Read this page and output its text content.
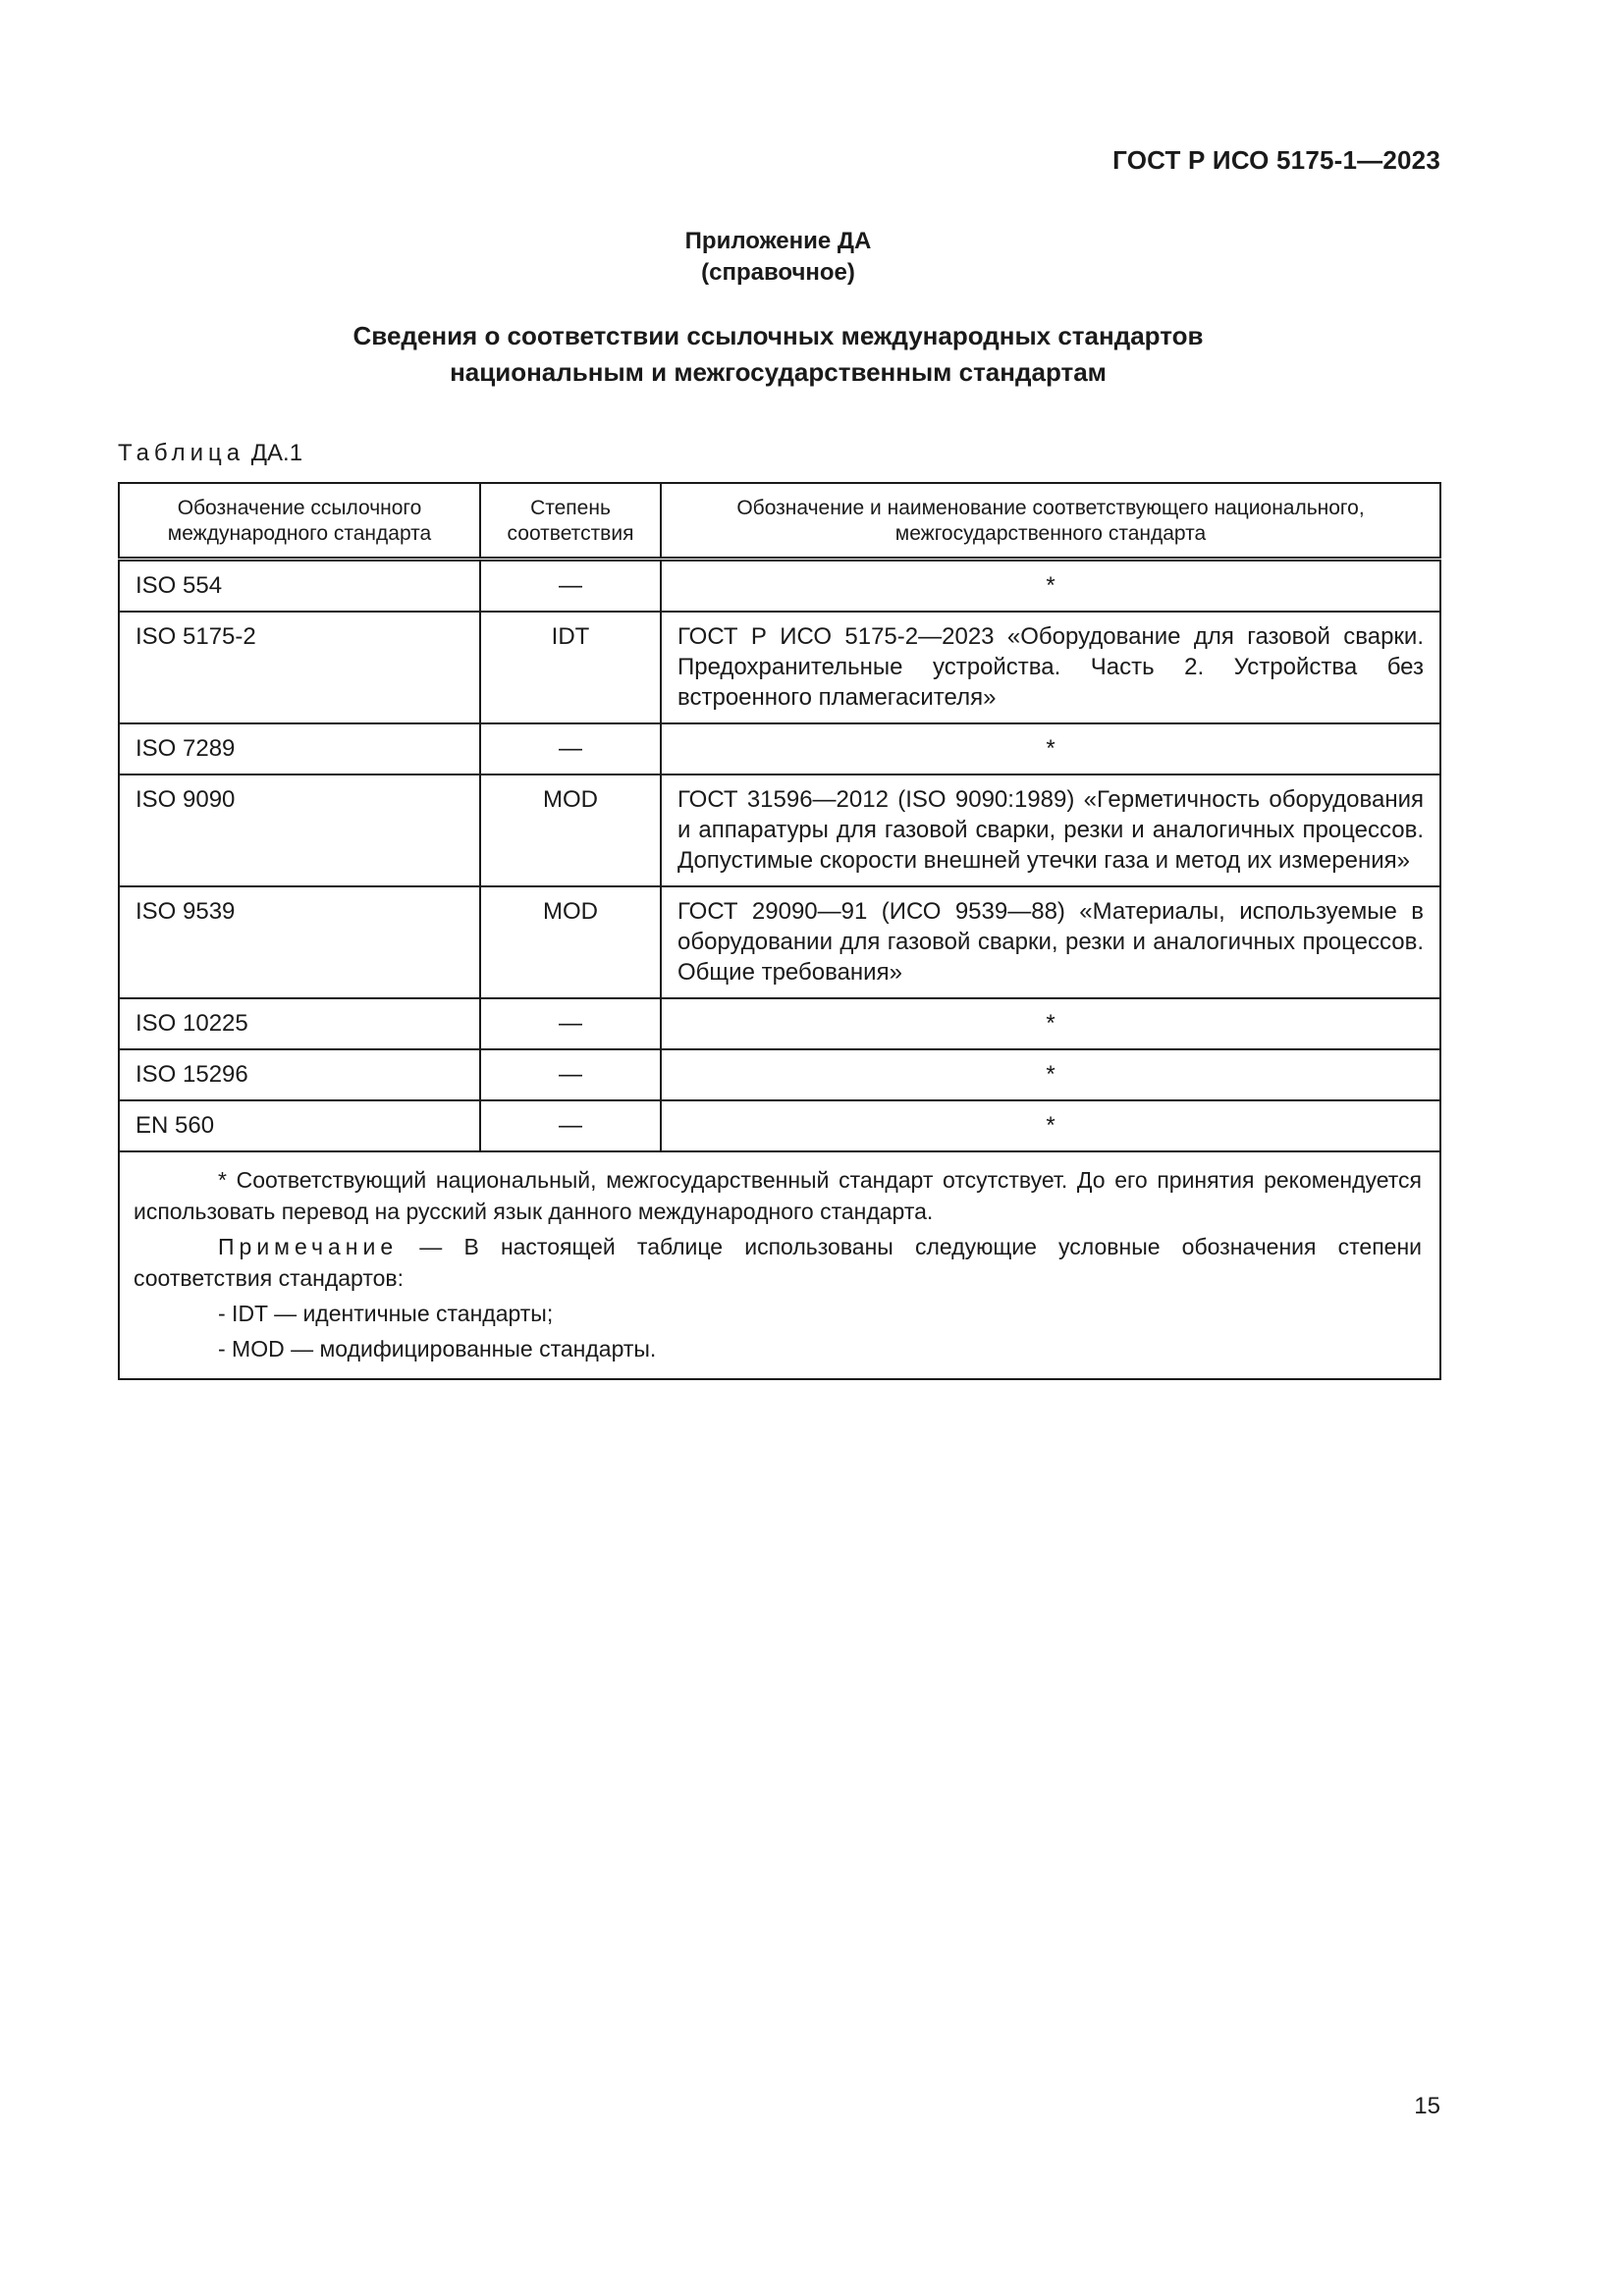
ГОСТ Р ИСО 5175-1—2023
Приложение ДА
(справочное)
Сведения о соответствии ссылочных международных стандартов
национальным и межгосударственным стандартам
Таблица ДА.1
Обозначение ссылочного международного стандарта	Степень соответствия	Обозначение и наименование соответствующего национального, межгосударственного стандарта
ISO 554	—	*
ISO 5175-2	IDT	ГОСТ Р ИСО 5175-2—2023 «Оборудование для газовой сварки. Предохранительные устройства. Часть 2. Устройства без встроенного пламегасителя»
ISO 7289	—	*
ISO 9090	MOD	ГОСТ 31596—2012 (ISO 9090:1989) «Герметичность оборудования и аппаратуры для газовой сварки, резки и аналогичных процессов. Допустимые скорости внешней утечки газа и метод их измерения»
ISO 9539	MOD	ГОСТ 29090—91 (ИСО 9539—88) «Материалы, используемые в оборудовании для газовой сварки, резки и аналогичных процессов. Общие требования»
ISO 10225	—	*
ISO 15296	—	*
EN 560	—	*

* Соответствующий национальный, межгосударственный стандарт отсутствует. До его принятия рекомендуется использовать перевод на русский язык данного международного стандарта.

Примечание — В настоящей таблице использованы следующие условные обозначения степени соответствия стандартов:

- IDT — идентичные стандарты;
- MOD — модифицированные стандарты.		
15
